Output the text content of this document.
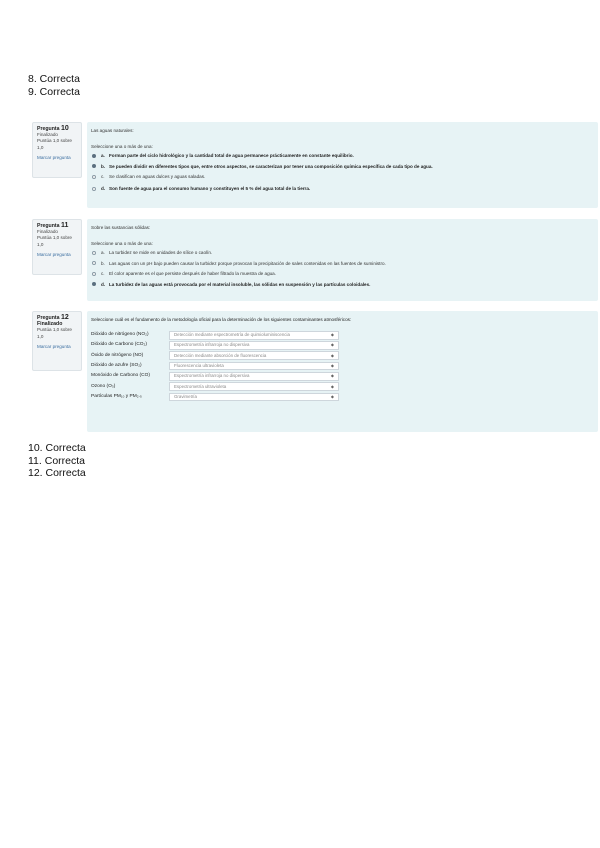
8. Correcta
9. Correcta
Pregunta 10
Finalizado
Puntúa 1,0 sobre 1,0
Marcar pregunta
Las aguas naturales:
Seleccione una o más de una:
a. Forman parte del ciclo hidrológico y la cantidad total de agua permanece prácticamente en constante equilibrio.
b. Se pueden dividir en diferentes tipos que, entre otros aspectos, se caracterizan por tener una composición química específica de cada tipo de agua.
c. Se clasifican en aguas dulces y aguas saladas.
d. Son fuente de agua para el consumo humano y constituyen el 5 % del agua total de la tierra.
Pregunta 11
Finalizado
Puntúa 1,0 sobre 1,0
Marcar pregunta
Sobre las sustancias sólidas:
Seleccione una o más de una:
a. La turbidez se mide en unidades de sílice o caolín.
b. Las aguas con un pH bajo pueden causar la turbidez porque provocan la precipitación de sales contenidas en las fuentes de suministro.
c. El color aparente es el que persiste después de haber filtrado la muestra de agua.
d. La turbidez de las aguas está provocada por el material insoluble, las sólidas en suspensión y las partículas coloidales.
Pregunta 12
Finalizado
Puntúa 1,0 sobre 1,0
Marcar pregunta
Seleccione cuál es el fundamento de la metodología oficial para la determinación de los siguientes contaminantes atmosféricos:
Dióxido de nitrógeno (NO₂)	Detección mediante espectrometría de quimioluminiscencia	◆
Dióxido de Carbono (CO₂)	Espectrometría infrarroja no dispersiva	◆
Óxido de nitrógeno (NO)	Detección mediante absorción de fluorescencia	◆
Dióxido de azufre (SO₂)	Fluorescencia ultravioleta	◆
Monóxido de Carbono (CO)	Espectrometría infrarroja no dispersiva	◆
Ozono (O₃)	Espectrometría ultravioleta	◆
Partículas PM₁₀ y PM₂.₅	Gravimetría	◆
10. Correcta
11. Correcta
12. Correcta
